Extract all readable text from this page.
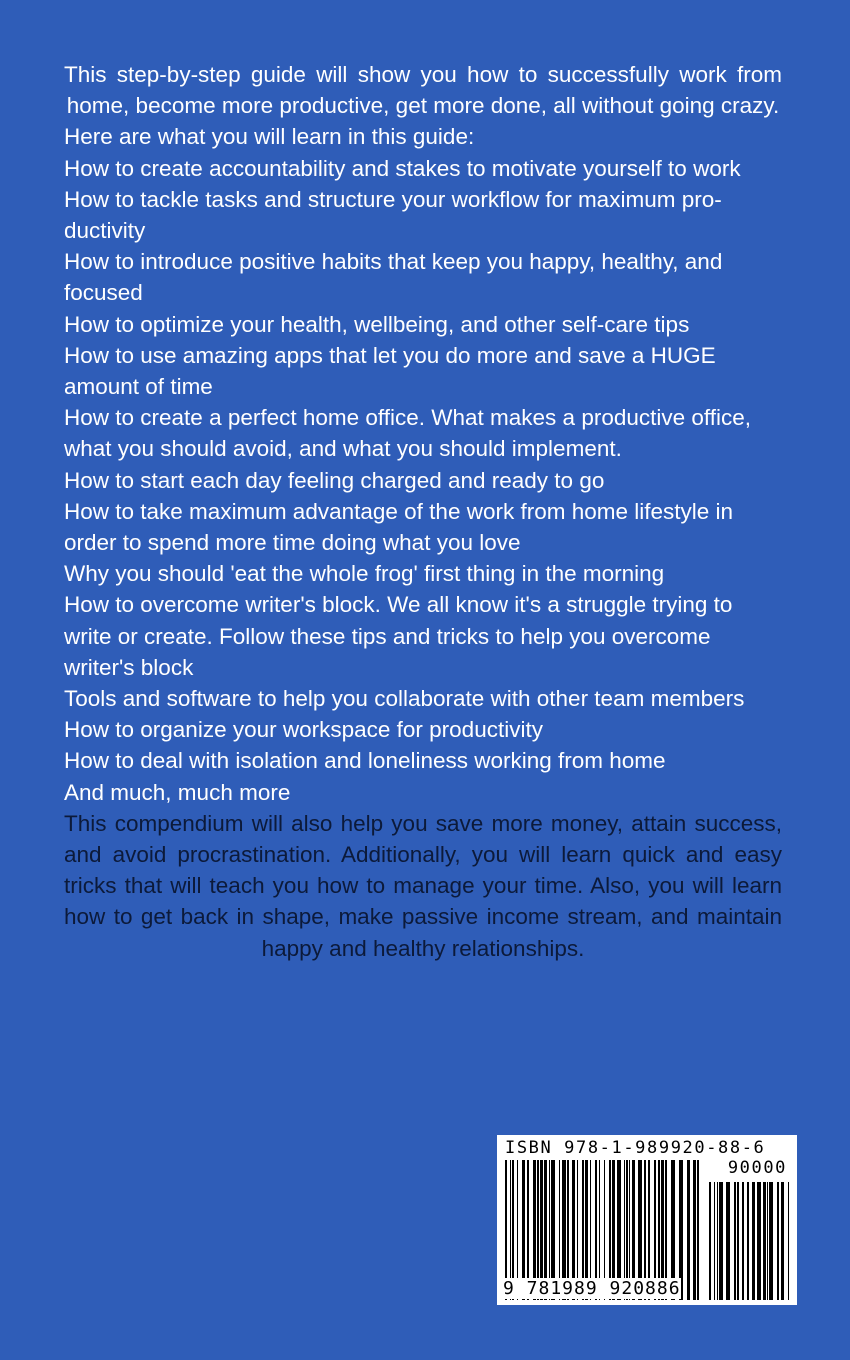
This step-by-step guide will show you how to successfully work from home, become more productive, get more done, all without going crazy.

Here are what you will learn in this guide:

How to create accountability and stakes to motivate yourself to work

How to tackle tasks and structure your workflow for maximum pro-ductivity

How to introduce positive habits that keep you happy, healthy, and focused

How to optimize your health, wellbeing, and other self-care tips

How to use amazing apps that let you do more and save a HUGE amount of time

How to create a perfect home office. What makes a productive office, what you should avoid, and what you should implement.

How to start each day feeling charged and ready to go

How to take maximum advantage of the work from home lifestyle in order to spend more time doing what you love

Why you should 'eat the whole frog' first thing in the morning

How to overcome writer's block. We all know it's a struggle trying to write or create. Follow these tips and tricks to help you overcome writer's block

Tools and software to help you collaborate with other team members

How to organize your workspace for productivity

How to deal with isolation and loneliness working from home

And much, much more

This compendium will also help you save more money, attain success, and avoid procrastination. Additionally, you will learn quick and easy tricks that will teach you how to manage your time. Also, you will learn how to get back in shape, make passive income stream, and maintain happy and healthy relationships.

ISBN 978-1-989920-88-6
90000
9 781989 920886
